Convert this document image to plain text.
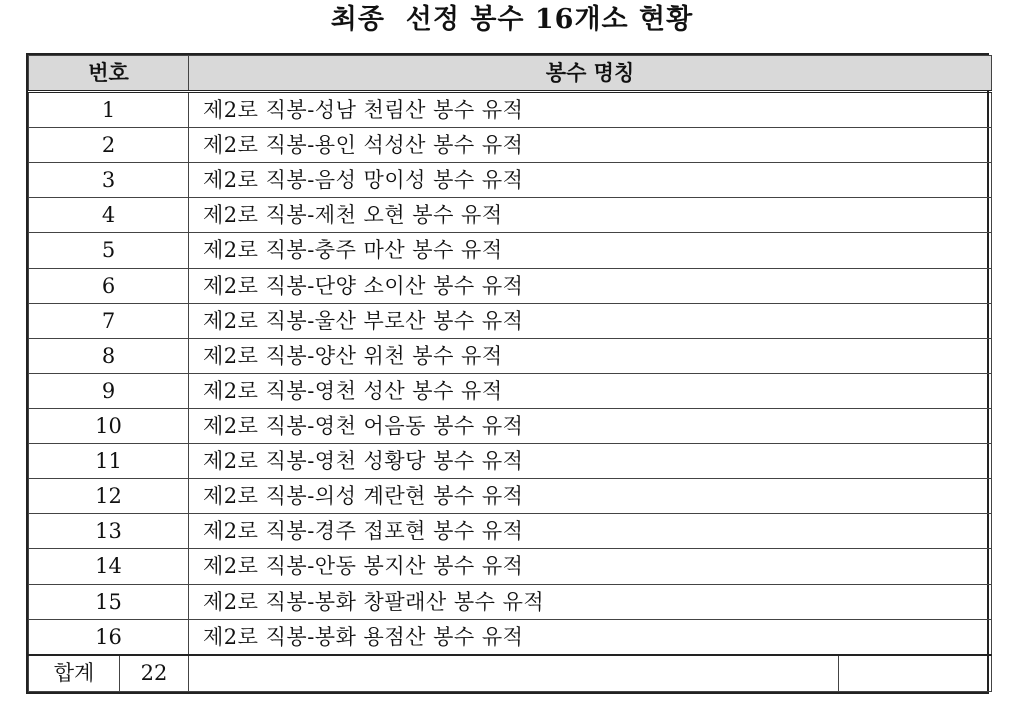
최종  선정 봉수 16개소 현황
번호		봉수 명칭	
1		제2로 직봉-성남 천림산 봉수 유적	
2		제2로 직봉-용인 석성산 봉수 유적	
3		제2로 직봉-음성 망이성 봉수 유적	
4		제2로 직봉-제천 오현 봉수 유적	
5		제2로 직봉-충주 마산 봉수 유적	
6		제2로 직봉-단양 소이산 봉수 유적	
7		제2로 직봉-울산 부로산 봉수 유적	
8		제2로 직봉-양산 위천 봉수 유적	
9		제2로 직봉-영천 성산 봉수 유적	
10		제2로 직봉-영천 어음동 봉수 유적	
11		제2로 직봉-영천 성황당 봉수 유적	
12		제2로 직봉-의성 계란현 봉수 유적	
13		제2로 직봉-경주 접포현 봉수 유적	
14		제2로 직봉-안동 봉지산 봉수 유적	
15		제2로 직봉-봉화 창팔래산 봉수 유적	
16		제2로 직봉-봉화 용점산 봉수 유적	
합계	22		
